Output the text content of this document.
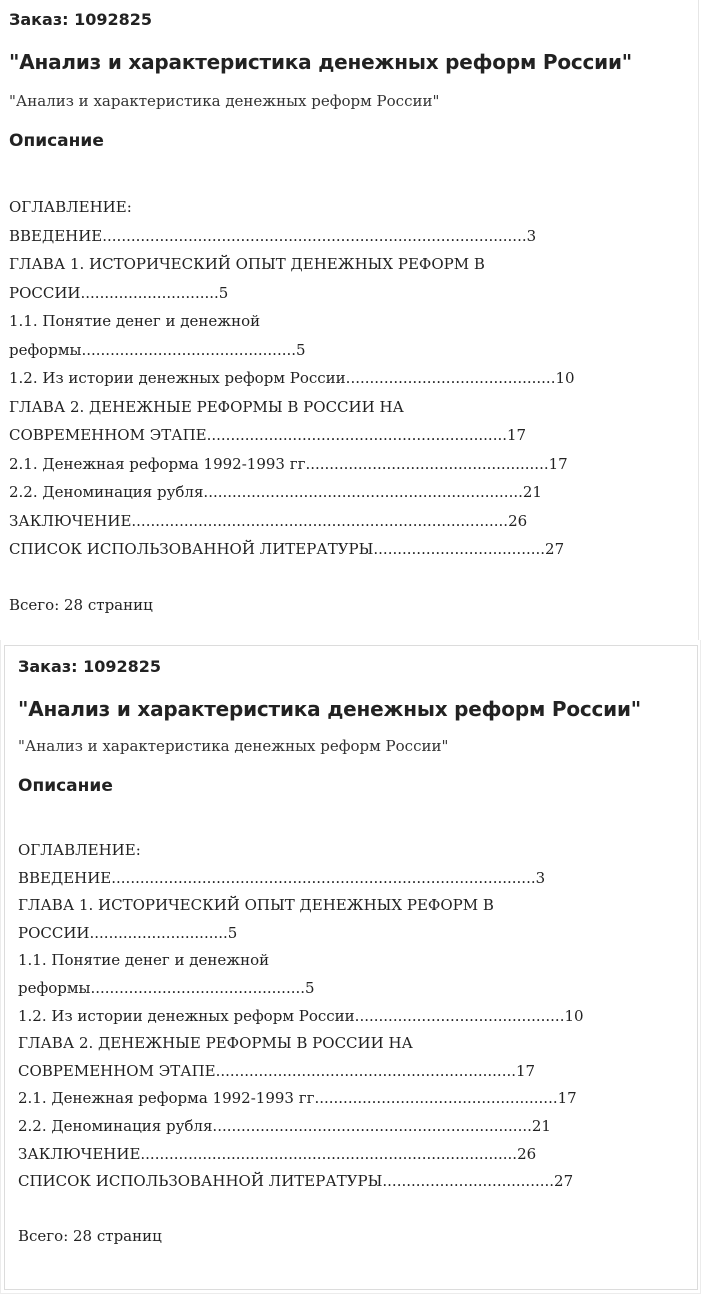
Заказ: 1092825
"Анализ и характеристика денежных реформ России"
"Анализ и характеристика денежных реформ России"
Описание
ОГЛАВЛЕНИЕ:
ВВЕДЕНИЕ.........................................................................................3
ГЛАВА 1. ИСТОРИЧЕСКИЙ ОПЫТ ДЕНЕЖНЫХ РЕФОРМ В
РОССИИ.............................5
1.1. Понятие денег и денежной
реформы.............................................5
1.2. Из истории денежных реформ России............................................10
ГЛАВА 2. ДЕНЕЖНЫЕ РЕФОРМЫ В РОССИИ НА
СОВРЕМЕННОМ ЭТАПЕ...............................................................17
2.1. Денежная реформа 1992-1993 гг...................................................17
2.2. Деноминация рубля...................................................................21
ЗАКЛЮЧЕНИЕ...............................................................................26
СПИСОК ИСПОЛЬЗОВАННОЙ ЛИТЕРАТУРЫ....................................27
Всего: 28 страниц
Заказ: 1092825
"Анализ и характеристика денежных реформ России"
"Анализ и характеристика денежных реформ России"
Описание
ОГЛАВЛЕНИЕ:
ВВЕДЕНИЕ.........................................................................................3
ГЛАВА 1. ИСТОРИЧЕСКИЙ ОПЫТ ДЕНЕЖНЫХ РЕФОРМ В
РОССИИ.............................5
1.1. Понятие денег и денежной
реформы.............................................5
1.2. Из истории денежных реформ России............................................10
ГЛАВА 2. ДЕНЕЖНЫЕ РЕФОРМЫ В РОССИИ НА
СОВРЕМЕННОМ ЭТАПЕ...............................................................17
2.1. Денежная реформа 1992-1993 гг...................................................17
2.2. Деноминация рубля...................................................................21
ЗАКЛЮЧЕНИЕ...............................................................................26
СПИСОК ИСПОЛЬЗОВАННОЙ ЛИТЕРАТУРЫ....................................27
Всего: 28 страниц
